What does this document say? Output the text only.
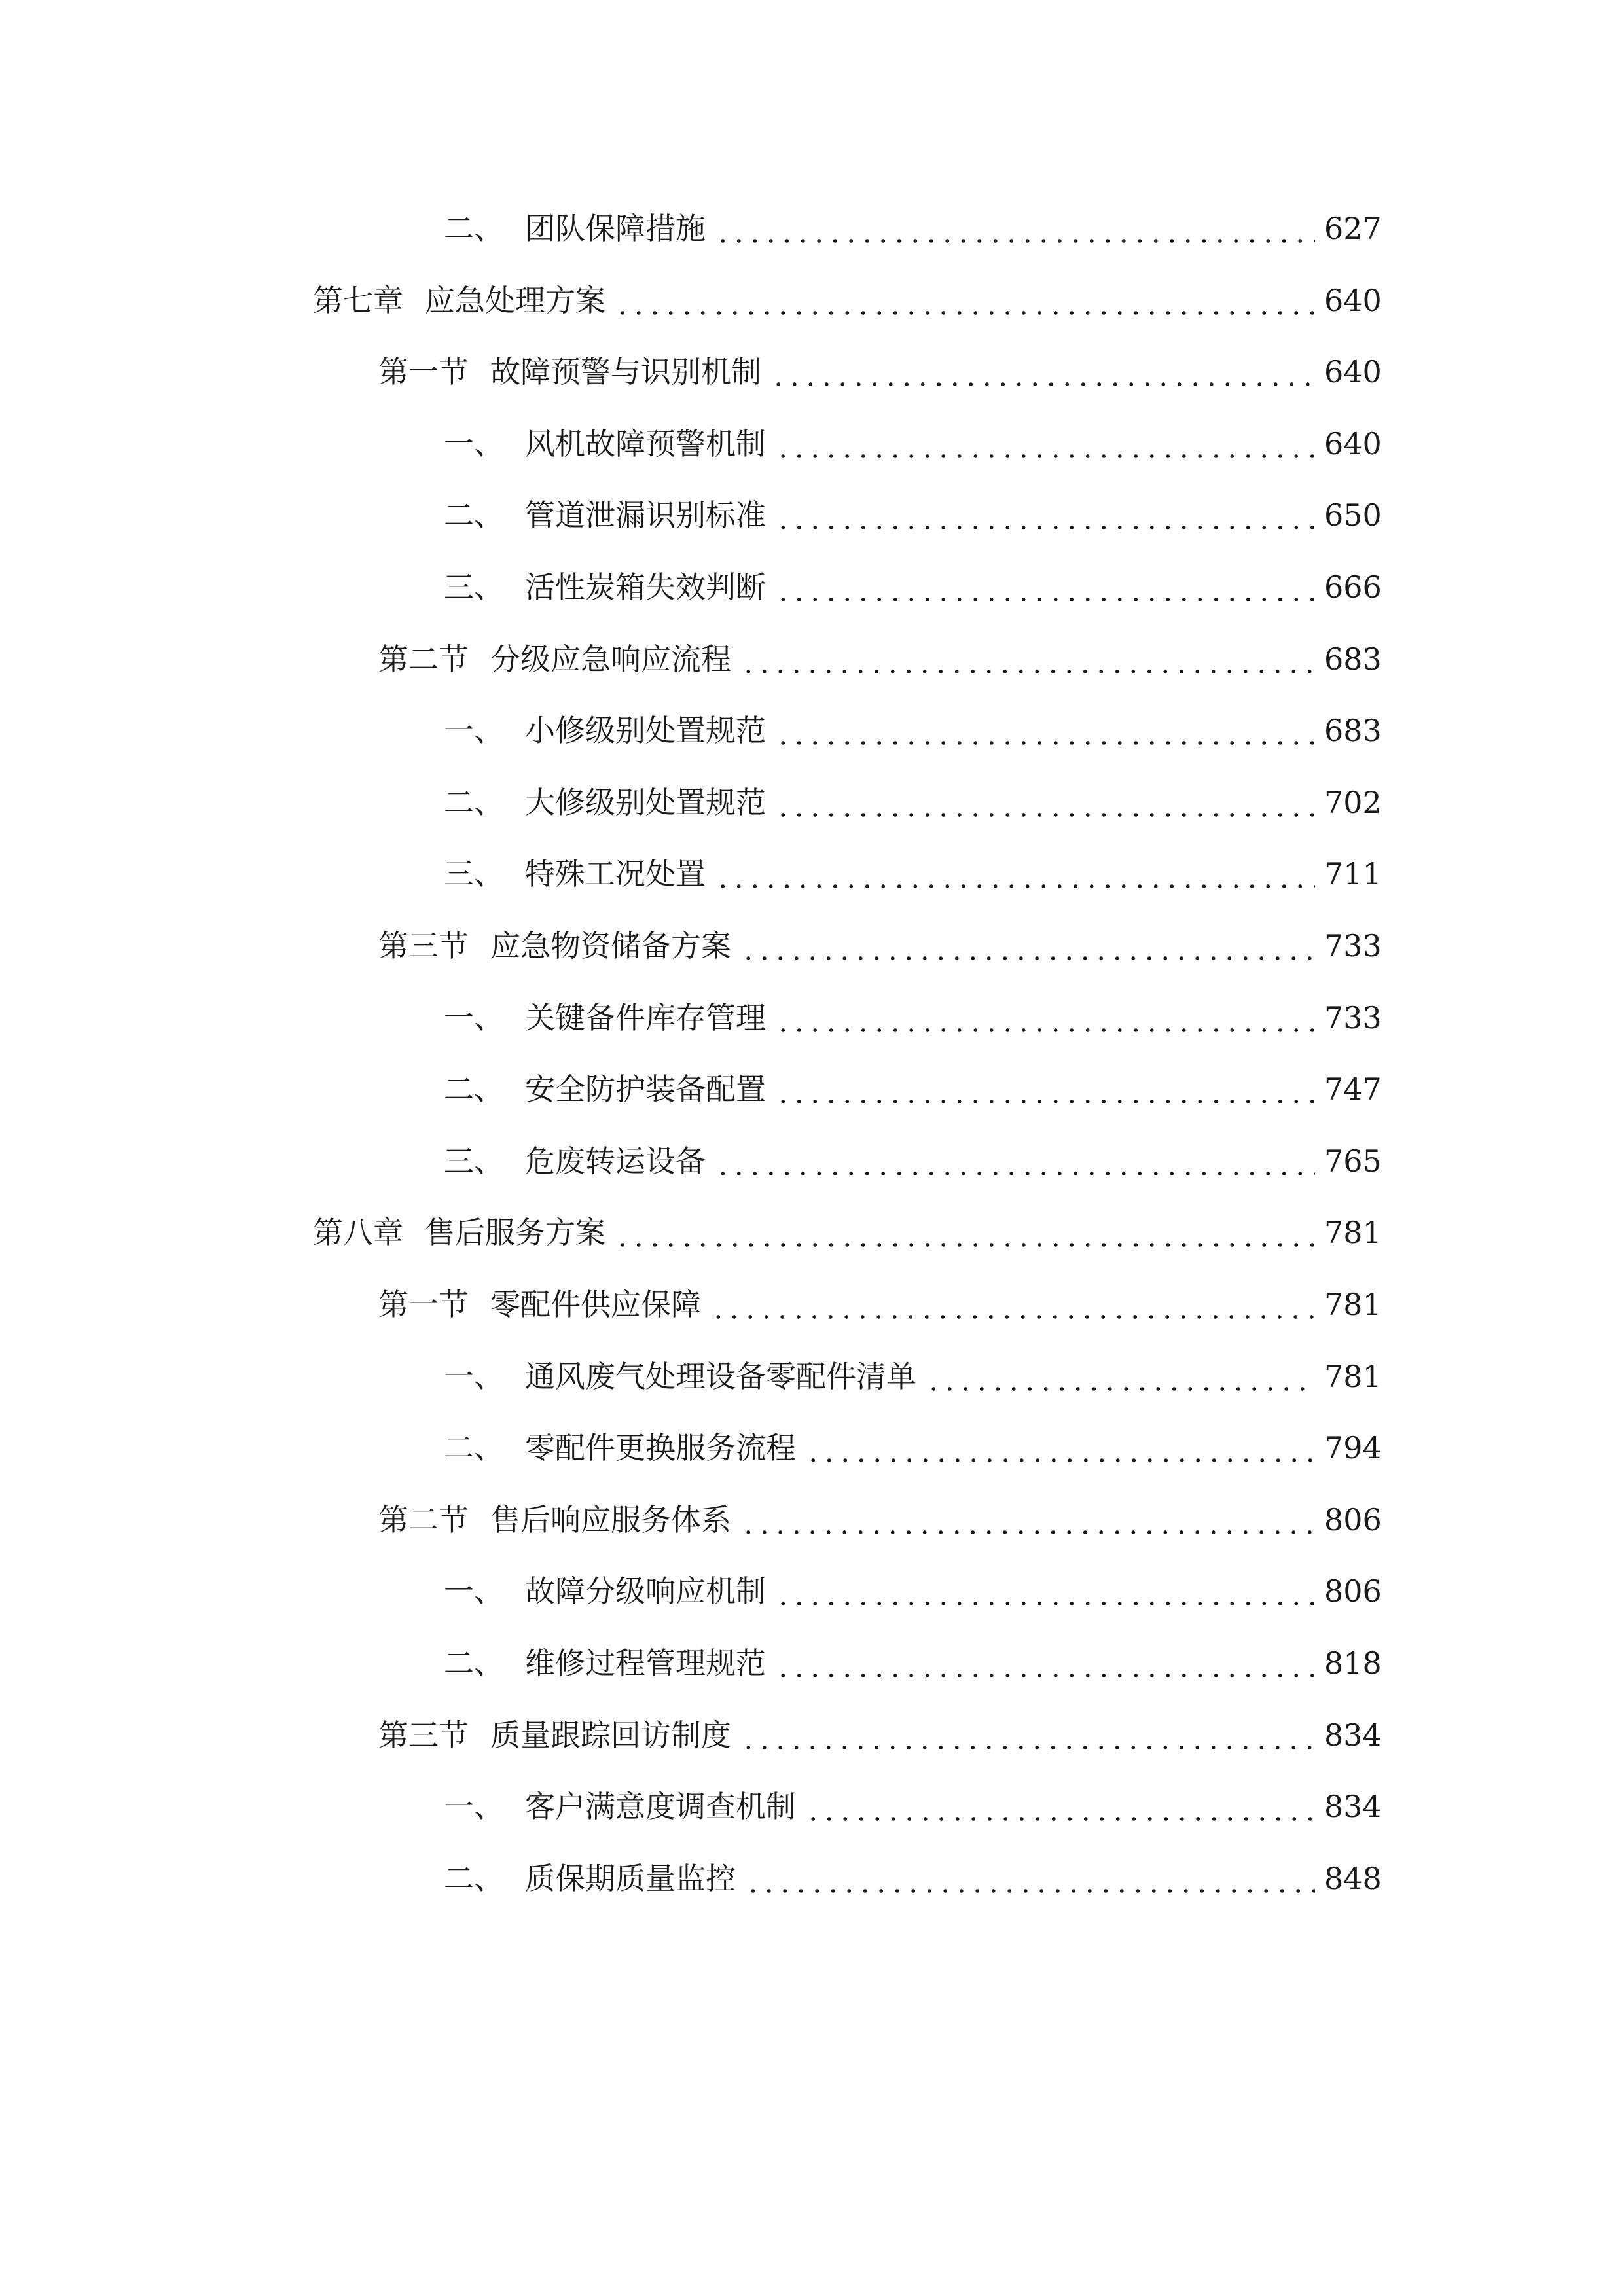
二、 团队保障措施	627
第七章 应急处理方案	640
第一节 故障预警与识别机制	640
一、 风机故障预警机制	640
二、 管道泄漏识别标准	650
三、 活性炭箱失效判断	666
第二节 分级应急响应流程	683
一、 小修级别处置规范	683
二、 大修级别处置规范	702
三、 特殊工况处置	711
第三节 应急物资储备方案	733
一、 关键备件库存管理	733
二、 安全防护装备配置	747
三、 危废转运设备	765
第八章 售后服务方案	781
第一节 零配件供应保障	781
一、 通风废气处理设备零配件清单	781
二、 零配件更换服务流程	794
第二节 售后响应服务体系	806
一、 故障分级响应机制	806
二、 维修过程管理规范	818
第三节 质量跟踪回访制度	834
一、 客户满意度调查机制	834
二、 质保期质量监控	848
